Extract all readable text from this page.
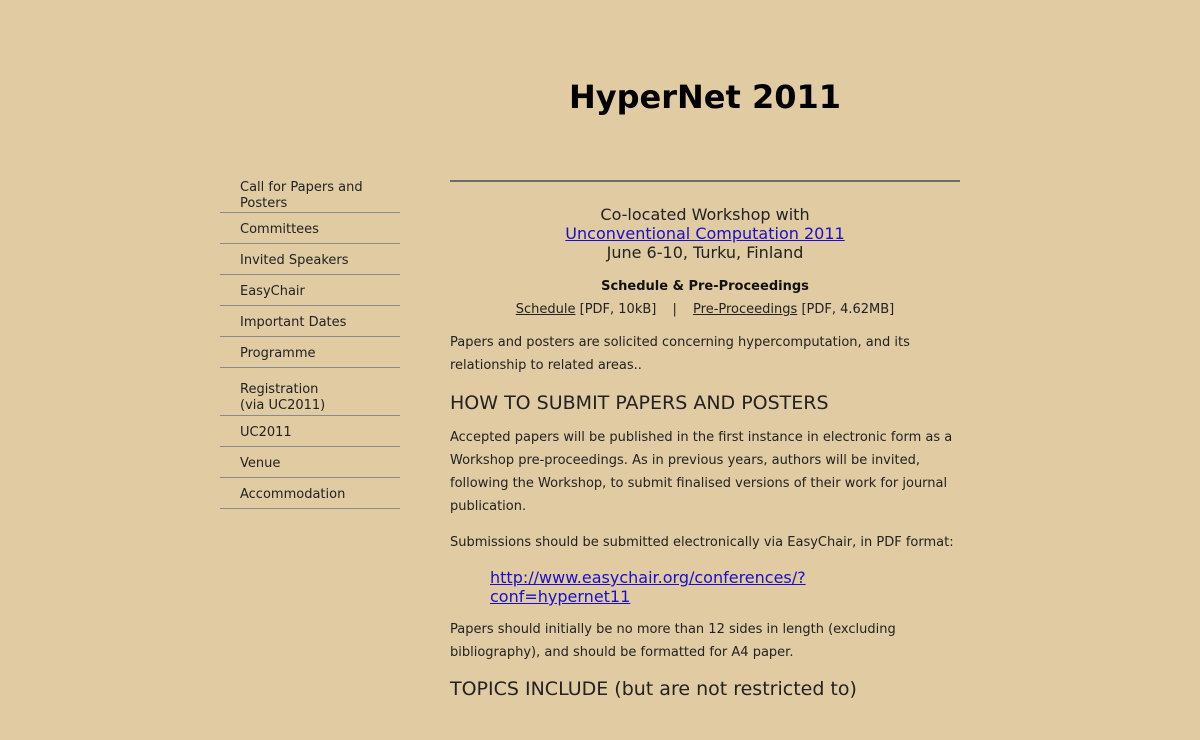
HyperNet 2011
Call for Papers and
Posters
Committees
Invited Speakers
EasyChair
Important Dates
Programme
Registration
(via UC2011)
UC2011
Venue
Accommodation
Co-located Workshop with
Unconventional Computation 2011
June 6-10, Turku, Finland
Schedule & Pre-Proceedings
Schedule [PDF, 10kB] | Pre-Proceedings [PDF, 4.62MB]

Papers and posters are solicited concerning hypercomputation, and its relationship to related areas..

HOW TO SUBMIT PAPERS AND POSTERS

Accepted papers will be published in the first instance in electronic form as a Workshop pre-proceedings. As in previous years, authors will be invited, following the Workshop, to submit finalised versions of their work for journal publication.

Submissions should be submitted electronically via EasyChair, in PDF format:

http://www.easychair.org/conferences/?
conf=hypernet11

Papers should initially be no more than 12 sides in length (excluding bibliography), and should be formatted for A4 paper.

TOPICS INCLUDE (but are not restricted to)
